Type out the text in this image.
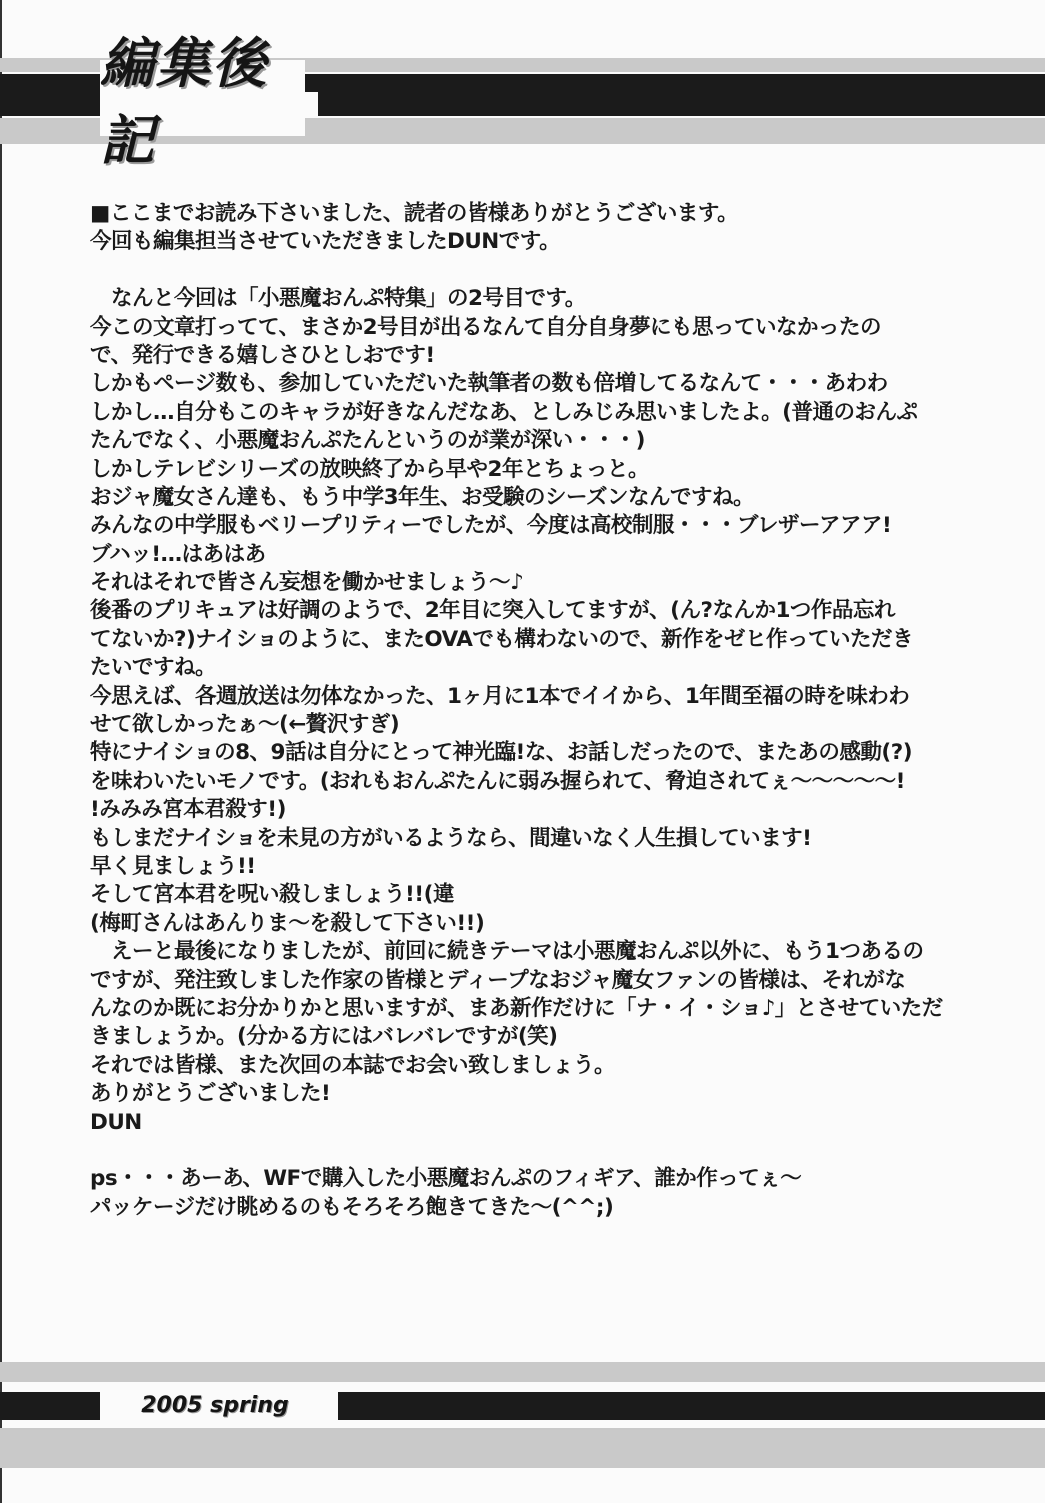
編集後記
■ここまでお読み下さいました、読者の皆様ありがとうございます。
今回も編集担当させていただきましたDUNです。
　なんと今回は「小悪魔おんぷ特集」の2号目です。
今この文章打ってて、まさか2号目が出るなんて自分自身夢にも思っていなかったの
で、発行できる嬉しさひとしおです!
しかもページ数も、参加していただいた執筆者の数も倍増してるなんて・・・あわわ
しかし…自分もこのキャラが好きなんだなあ、としみじみ思いましたよ。(普通のおんぷ
たんでなく、小悪魔おんぷたんというのが業が深い・・・)
しかしテレビシリーズの放映終了から早や2年とちょっと。
おジャ魔女さん達も、もう中学3年生、お受験のシーズンなんですね。
みんなの中学服もベリープリティーでしたが、今度は高校制服・・・ブレザーアアア!
ブハッ!…はあはあ
それはそれで皆さん妄想を働かせましょう～♪
後番のプリキュアは好調のようで、2年目に突入してますが、(ん?なんか1つ作品忘れ
てないか?)ナイショのように、またOVAでも構わないので、新作をゼヒ作っていただき
たいですね。
今思えば、各週放送は勿体なかった、1ヶ月に1本でイイから、1年間至福の時を味わわ
せて欲しかったぁ～(←贅沢すぎ)
特にナイショの8、9話は自分にとって神光臨!な、お話しだったので、またあの感動(?)
を味わいたいモノです。(おれもおんぷたんに弱み握られて、脅迫されてぇ～～～～～!
!みみみ宮本君殺す!)
もしまだナイショを未見の方がいるようなら、間違いなく人生損しています!
早く見ましょう!!
そして宮本君を呪い殺しましょう!!(違
(梅町さんはあんりま～を殺して下さい!!)
　えーと最後になりましたが、前回に続きテーマは小悪魔おんぷ以外に、もう1つあるの
ですが、発注致しました作家の皆様とディープなおジャ魔女ファンの皆様は、それがな
んなのか既にお分かりかと思いますが、まあ新作だけに「ナ・イ・ショ♪」とさせていただ
きましょうか。(分かる方にはバレバレですが(笑)
それでは皆様、また次回の本誌でお会い致しましょう。
ありがとうございました!
DUN
ps・・・あーあ、WFで購入した小悪魔おんぷのフィギア、誰か作ってぇ～
パッケージだけ眺めるのもそろそろ飽きてきた～(^^;)
2005 spring
